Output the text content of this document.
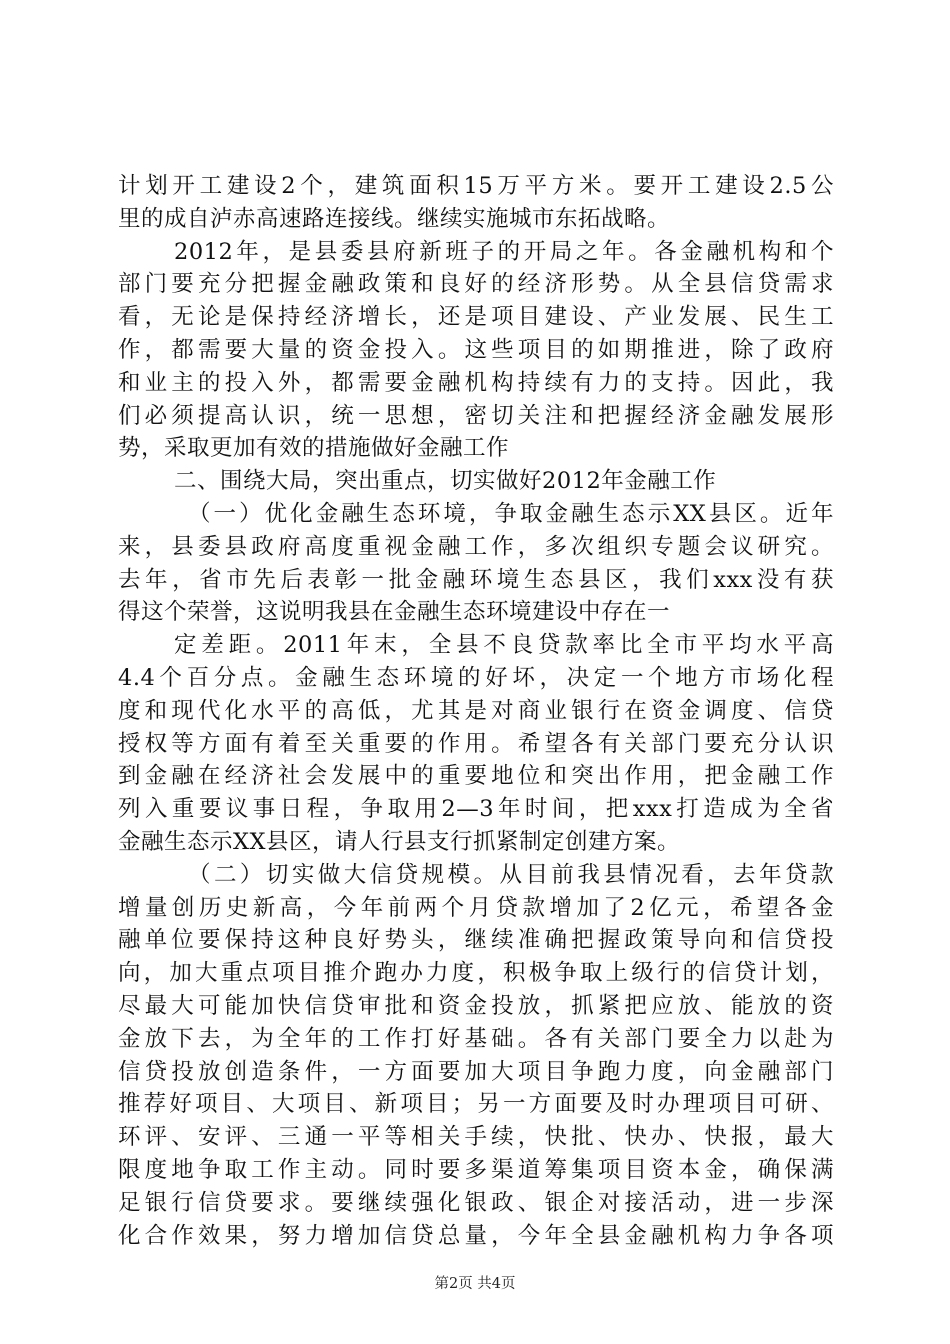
计划开工建设2个，建筑面积15万平方米。要开工建设2.5公
里的成自泸赤高速路连接线。继续实施城市东拓战略。
2012年，是县委县府新班子的开局之年。各金融机构和个
部门要充分把握金融政策和良好的经济形势。从全县信贷需求
看，无论是保持经济增长，还是项目建设、产业发展、民生工
作，都需要大量的资金投入。这些项目的如期推进，除了政府
和业主的投入外，都需要金融机构持续有力的支持。因此，我
们必须提高认识，统一思想，密切关注和把握经济金融发展形
势，采取更加有效的措施做好金融工作
二、围绕大局，突出重点，切实做好2012年金融工作
（一）优化金融生态环境，争取金融生态示XX县区。近年
来，县委县政府高度重视金融工作，多次组织专题会议研究。
去年，省市先后表彰一批金融环境生态县区，我们xxx没有获
得这个荣誉，这说明我县在金融生态环境建设中存在一
定差距。2011年末，全县不良贷款率比全市平均水平高
4.4个百分点。金融生态环境的好坏，决定一个地方市场化程
度和现代化水平的高低，尤其是对商业银行在资金调度、信贷
授权等方面有着至关重要的作用。希望各有关部门要充分认识
到金融在经济社会发展中的重要地位和突出作用，把金融工作
列入重要议事日程，争取用2—3年时间，把xxx打造成为全省
金融生态示XX县区，请人行县支行抓紧制定创建方案。
（二）切实做大信贷规模。从目前我县情况看，去年贷款
增量创历史新高，今年前两个月贷款增加了2亿元，希望各金
融单位要保持这种良好势头，继续准确把握政策导向和信贷投
向，加大重点项目推介跑办力度，积极争取上级行的信贷计划，
尽最大可能加快信贷审批和资金投放，抓紧把应放、能放的资
金放下去，为全年的工作打好基础。各有关部门要全力以赴为
信贷投放创造条件，一方面要加大项目争跑力度，向金融部门
推荐好项目、大项目、新项目；另一方面要及时办理项目可研、
环评、安评、三通一平等相关手续，快批、快办、快报，最大
限度地争取工作主动。同时要多渠道筹集项目资本金，确保满
足银行信贷要求。要继续强化银政、银企对接活动，进一步深
化合作效果，努力增加信贷总量，今年全县金融机构力争各项
第2页 共4页
